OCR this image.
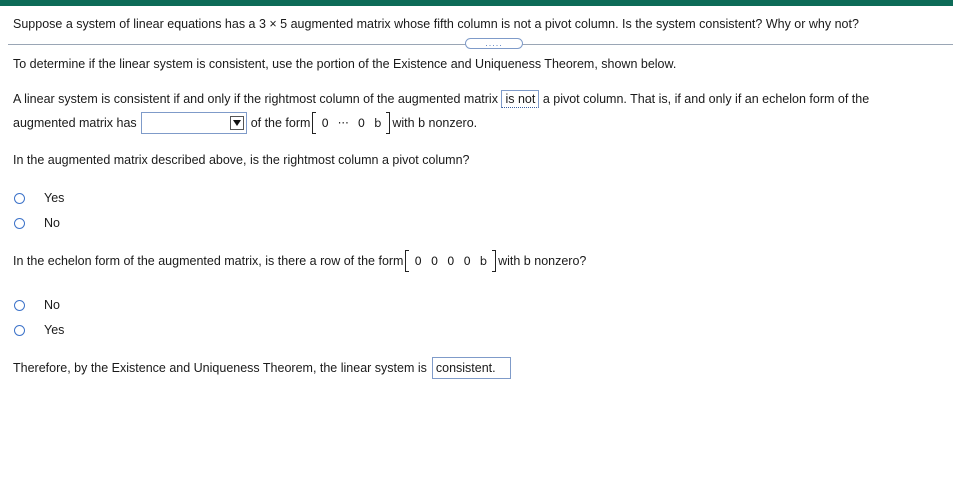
Suppose a system of linear equations has a 3 × 5 augmented matrix whose fifth column is not a pivot column. Is the system consistent? Why or why not?
.....
To determine if the linear system is consistent, use the portion of the Existence and Uniqueness Theorem, shown below.
A linear system is consistent if and only if the rightmost column of the augmented matrix is not a pivot column. That is, if and only if an echelon form of the
augmented matrix has	of the form 0 ··· 0 b with b nonzero.
In the augmented matrix described above, is the rightmost column a pivot column?
Yes
No
In the echelon form of the augmented matrix, is there a row of the form 0 0 0 0 b with b nonzero?
No
Yes
Therefore, by the Existence and Uniqueness Theorem, the linear system is consistent.
